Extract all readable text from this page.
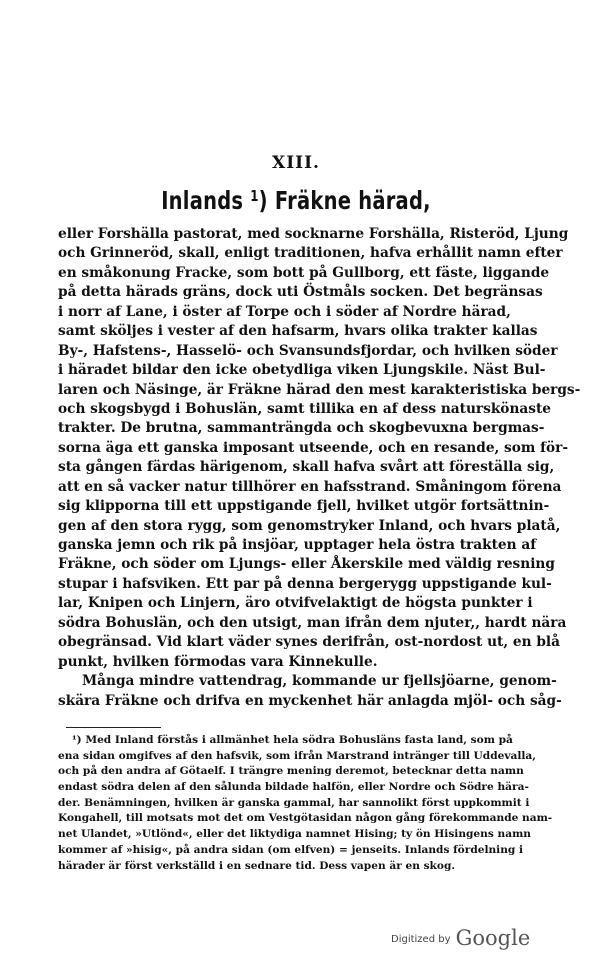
XIII.
Inlands $^1$) Fräkne härad,
eller Forshälla pastorat, med socknarne Forshälla, Risteröd, Ljung
och Grinneröd, skall, enligt traditionen, hafva erhållit namn efter
en småkonung Fracke, som bott på Gullborg, ett fäste, liggande
på detta härads gräns, dock uti Östmåls socken. Det begränsas
i norr af Lane, i öster af Torpe och i söder af Nordre härad,
samt sköljes i vester af den hafsarm, hvars olika trakter kallas
By-, Hafstens-, Hasselö- och Svansundsfjordar, och hvilken söder
i häradet bildar den icke obetydliga viken Ljungskile. Näst Bul-
laren och Näsinge, är Fräkne härad den mest karakteristiska bergs-
och skogsbygd i Bohuslän, samt tillika en af dess naturskönaste
trakter. De brutna, sammanträngda och skogbevuxna bergmas-
sorna äga ett ganska imposant utseende, och en resande, som för-
sta gången färdas härigenom, skall hafva svårt att föreställa sig,
att en så vacker natur tillhörer en hafsstrand. Småningom förena
sig klipporna till ett uppstigande fjell, hvilket utgör fortsättnin-
gen af den stora rygg, som genomstryker Inland, och hvars platå,
ganska jemn och rik på insjöar, upptager hela östra trakten af
Fräkne, och söder om Ljungs- eller Åkerskile med väldig resning
stupar i hafsviken. Ett par på denna bergerygg uppstigande kul-
lar, Knipen och Linjern, äro otvifvelaktigt de högsta punkter i
södra Bohuslän, och den utsigt, man ifrån dem njuter,, hardt nära
obegränsad. Vid klart väder synes derifrån, ost-nordost ut, en blå
punkt, hvilken förmodas vara Kinnekulle.
Många mindre vattendrag, kommande ur fjellsjöarne, genom-
skära Fräkne och drifva en myckenhet här anlagda mjöl- och såg-
¹) Med Inland förstås i allmänhet hela södra Bohusläns fasta land, som på
ena sidan omgifves af den hafsvik, som ifrån Marstrand intränger till Uddevalla,
och på den andra af Götaelf. I trängre mening deremot, betecknar detta namn
endast södra delen af den sålunda bildade halfön, eller Nordre och Södre härа-
der. Benämningen, hvilken är ganska gammal, har sannolikt först uppkommit i
Kongahell, till motsats mot det om Vestgötasidan någon gång förekommande nam-
net Ulandet, »Utlönd«, eller det liktydiga namnet Hising; ty ön Hisingens namn
kommer af »hisig«, på andra sidan (om elfven) = jenseits. Inlands fördelning i
härader är först verkställd i en sednare tid. Dess vapen är en skog.
Digitized by Google
